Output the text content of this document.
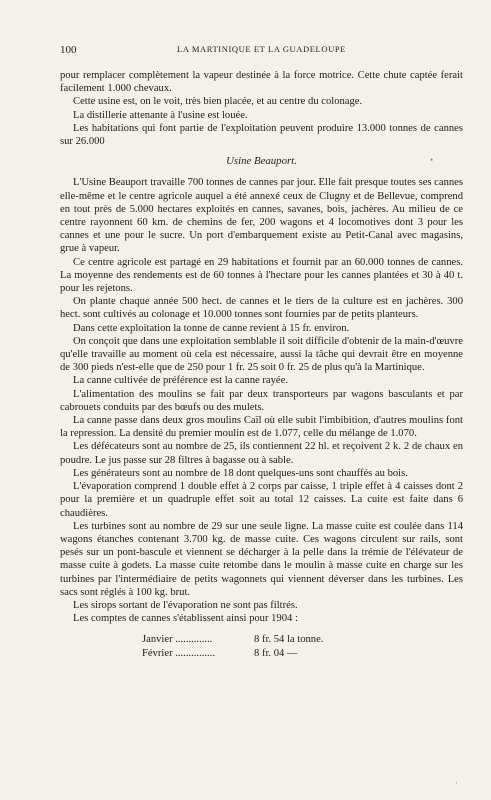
100	LA MARTINIQUE ET LA GUADELOUPE

pour remplacer complètement la vapeur destinée à la force motrice. Cette chute captée ferait facilement 1.000 chevaux.

Cette usine est, on le voit, très bien placée, et au centre du colonage.

La distillerie attenante à l'usine est louée.

Les habitations qui font partie de l'exploitation peuvent produire 13.000 tonnes de cannes sur 26.000

Usine Beauport.

L'Usine Beauport travaille 700 tonnes de cannes par jour. Elle fait presque toutes ses cannes elle-même et le centre agricole auquel a été annexé ceux de Clugny et de Bellevue, comprend en tout près de 5.000 hectares exploités en cannes, savanes, bois, jachères. Au milieu de ce centre rayonnent 60 km. de chemins de fer, 200 wagons et 4 locomotives dont 3 pour les cannes et une pour le sucre. Un port d'embarquement existe au Petit-Canal avec magasins, grue à vapeur.

Ce centre agricole est partagé en 29 habitations et fournit par an 60.000 tonnes de cannes. La moyenne des rendements est de 60 tonnes à l'hectare pour les cannes plantées et 30 à 40 t. pour les rejetons.

On plante chaque année 500 hect. de cannes et le tiers de la culture est en jachères. 300 hect. sont cultivés au colonage et 10.000 tonnes sont fournies par de petits planteurs.

Dans cette exploitation la tonne de canne revient à 15 fr. environ.

On conçoit que dans une exploitation semblable il soit difficile d'obtenir de la main-d'œuvre qu'elle travaille au moment où cela est nécessaire, aussi la tâche qui devrait être en moyenne de 300 pieds n'est-elle que de 250 pour 1 fr. 25 soit 0 fr. 25 de plus qu'à la Martinique.

La canne cultivée de préférence est la canne rayée.

L'alimentation des moulins se fait par deux transporteurs par wagons basculants et par cabrouets conduits par des bœufs ou des mulets.

La canne passe dans deux gros moulins Caïl où elle subit l'imbibition, d'autres moulins font la repression. La densité du premier moulin est de 1.077, celle du mélange de 1.070.

Les défécateurs sont au nombre de 25, ils contiennent 22 hl. et reçoivent 2 k. 2 de chaux en poudre. Le jus passe sur 28 filtres à bagasse ou à sable.

Les générateurs sont au nombre de 18 dont quelques-uns sont chauffés au bois.

L'évaporation comprend 1 double effet à 2 corps par caisse, 1 triple effet à 4 caisses dont 2 pour la première et un quadruple effet soit au total 12 caisses. La cuite est faite dans 6 chaudières.

Les turbines sont au nombre de 29 sur une seule ligne. La masse cuite est coulée dans 114 wagons étanches contenant 3.700 kg. de masse cuite. Ces wagons circulent sur rails, sont pesés sur un pont-bascule et viennent se décharger à la pelle dans la trémie de l'élévateur de masse cuite à godets. La masse cuite retombe dans le moulin à masse cuite en charge sur les turbines par l'intermédiaire de petits wagonnets qui viennent déverser dans les turbines. Les sacs sont réglés à 100 kg. brut.

Les sirops sortant de l'évaporation ne sont pas filtrés.

Les comptes de cannes s'établissent ainsi pour 1904 :

Janvier ..............	8 fr. 54 la tonne.
Février ...............	8 fr. 04 —
•
·
